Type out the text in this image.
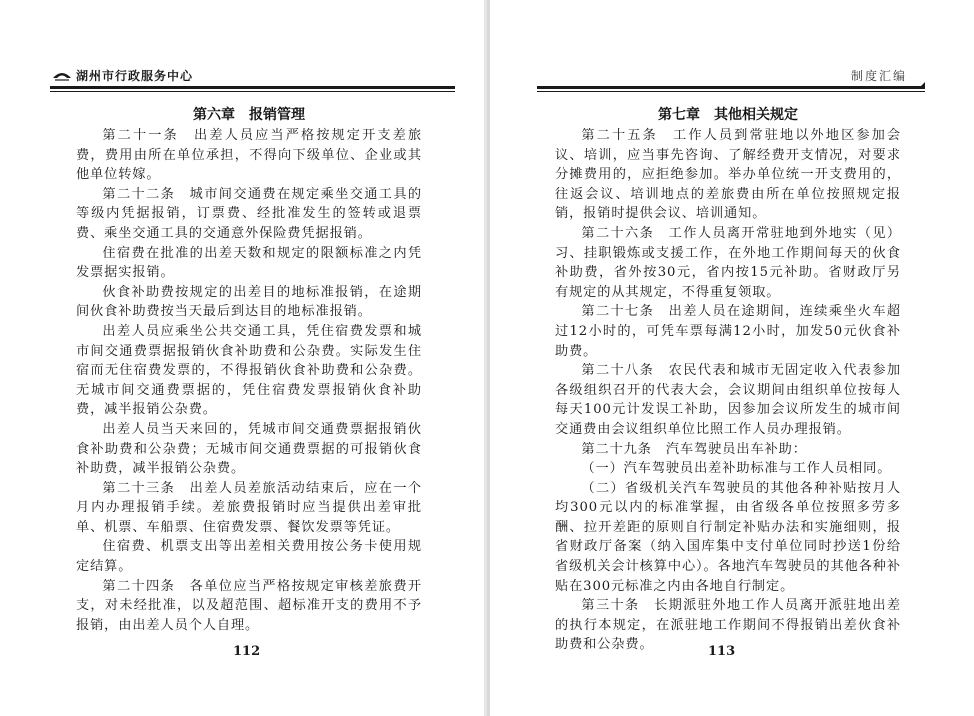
湖州市行政服务中心
第六章　报销管理

第二十一条　出差人员应当严格按规定开支差旅费，费用由所在单位承担，不得向下级单位、企业或其他单位转嫁。

第二十二条　城市间交通费在规定乘坐交通工具的等级内凭据报销，订票费、经批准发生的签转或退票费、乘坐交通工具的交通意外保险费凭据报销。

住宿费在批准的出差天数和规定的限额标准之内凭发票据实报销。

伙食补助费按规定的出差目的地标准报销，在途期间伙食补助费按当天最后到达目的地标准报销。

出差人员应乘坐公共交通工具，凭住宿费发票和城市间交通费票据报销伙食补助费和公杂费。实际发生住宿而无住宿费发票的，不得报销伙食补助费和公杂费。无城市间交通费票据的，凭住宿费发票报销伙食补助费，减半报销公杂费。

出差人员当天来回的，凭城市间交通费票据报销伙食补助费和公杂费；无城市间交通费票据的可报销伙食补助费，减半报销公杂费。

第二十三条　出差人员差旅活动结束后，应在一个月内办理报销手续。差旅费报销时应当提供出差审批单、机票、车船票、住宿费发票、餐饮发票等凭证。

住宿费、机票支出等出差相关费用按公务卡使用规定结算。

第二十四条　各单位应当严格按规定审核差旅费开支，对未经批准，以及超范围、超标准开支的费用不予报销，由出差人员个人自理。

112
制度汇编
第七章　其他相关规定

第二十五条　工作人员到常驻地以外地区参加会议、培训，应当事先咨询、了解经费开支情况，对要求分摊费用的，应拒绝参加。举办单位统一开支费用的，往返会议、培训地点的差旅费由所在单位按照规定报销，报销时提供会议、培训通知。

第二十六条　工作人员离开常驻地到外地实（见）习、挂职锻炼或支援工作，在外地工作期间每天的伙食补助费，省外按30元，省内按15元补助。省财政厅另有规定的从其规定，不得重复领取。

第二十七条　出差人员在途期间，连续乘坐火车超过12小时的，可凭车票每满12小时，加发50元伙食补助费。

第二十八条　农民代表和城市无固定收入代表参加各级组织召开的代表大会，会议期间由组织单位按每人每天100元计发误工补助，因参加会议所发生的城市间交通费由会议组织单位比照工作人员办理报销。

第二十九条　汽车驾驶员出车补助：

（一）汽车驾驶员出差补助标准与工作人员相同。

（二）省级机关汽车驾驶员的其他各种补贴按月人均300元以内的标准掌握，由省级各单位按照多劳多酬、拉开差距的原则自行制定补贴办法和实施细则，报省财政厅备案（纳入国库集中支付单位同时抄送1份给省级机关会计核算中心）。各地汽车驾驶员的其他各种补贴在300元标准之内由各地自行制定。

第三十条　长期派驻外地工作人员离开派驻地出差的执行本规定，在派驻地工作期间不得报销出差伙食补助费和公杂费。	113
